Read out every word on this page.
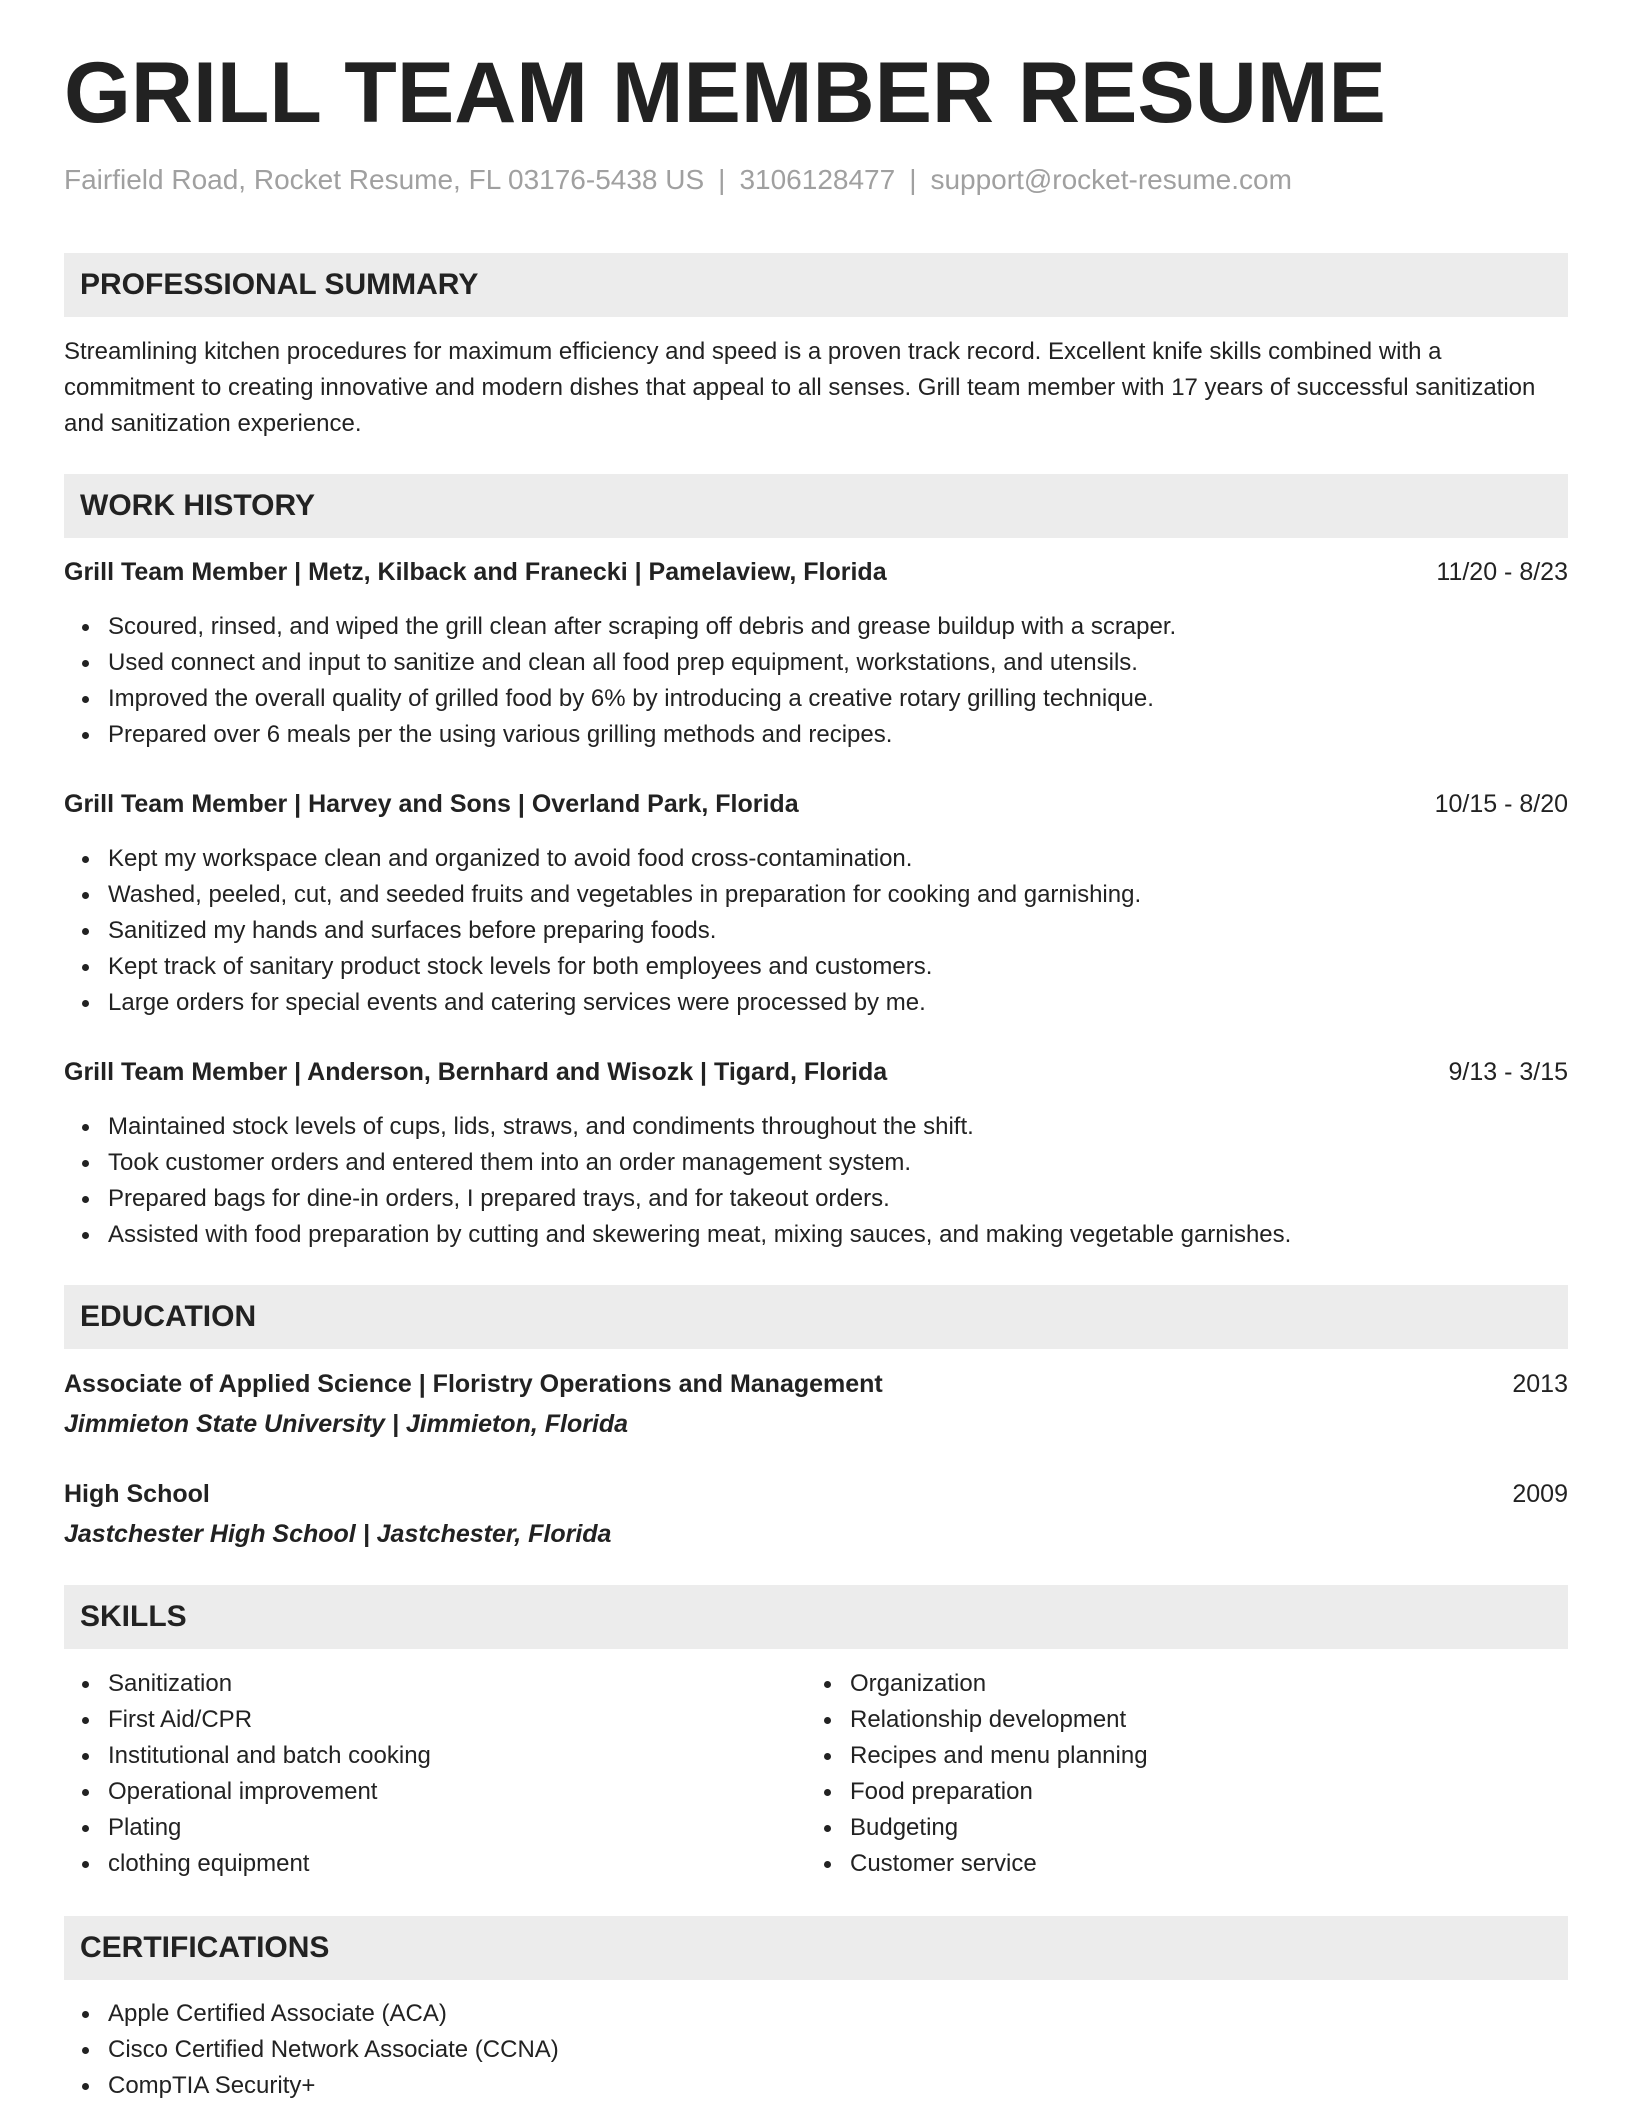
GRILL TEAM MEMBER RESUME
Fairfield Road, Rocket Resume, FL 03176-5438 US | 3106128477 | support@rocket-resume.com
PROFESSIONAL SUMMARY

Streamlining kitchen procedures for maximum efficiency and speed is a proven track record. Excellent knife skills combined with a commitment to creating innovative and modern dishes that appeal to all senses. Grill team member with 17 years of successful sanitization and sanitization experience.

WORK HISTORY
Grill Team Member | Metz, Kilback and Franecki | Pamelaview, Florida	11/20 - 8/23
Scoured, rinsed, and wiped the grill clean after scraping off debris and grease buildup with a scraper.
Used connect and input to sanitize and clean all food prep equipment, workstations, and utensils.
Improved the overall quality of grilled food by 6% by introducing a creative rotary grilling technique.
Prepared over 6 meals per the using various grilling methods and recipes.
Grill Team Member | Harvey and Sons | Overland Park, Florida	10/15 - 8/20
Kept my workspace clean and organized to avoid food cross-contamination.
Washed, peeled, cut, and seeded fruits and vegetables in preparation for cooking and garnishing.
Sanitized my hands and surfaces before preparing foods.
Kept track of sanitary product stock levels for both employees and customers.
Large orders for special events and catering services were processed by me.
Grill Team Member | Anderson, Bernhard and Wisozk | Tigard, Florida	9/13 - 3/15
Maintained stock levels of cups, lids, straws, and condiments throughout the shift.
Took customer orders and entered them into an order management system.
Prepared bags for dine-in orders, I prepared trays, and for takeout orders.
Assisted with food preparation by cutting and skewering meat, mixing sauces, and making vegetable garnishes.
EDUCATION
Associate of Applied Science | Floristry Operations and Management	2013
Jimmieton State University | Jimmieton, Florida
High School	2009
Jastchester High School | Jastchester, Florida
SKILLS
Sanitization
First Aid/CPR
Institutional and batch cooking
Operational improvement
Plating
clothing equipment
Organization
Relationship development
Recipes and menu planning
Food preparation
Budgeting
Customer service
CERTIFICATIONS
Apple Certified Associate (ACA)
Cisco Certified Network Associate (CCNA)
CompTIA Security+
